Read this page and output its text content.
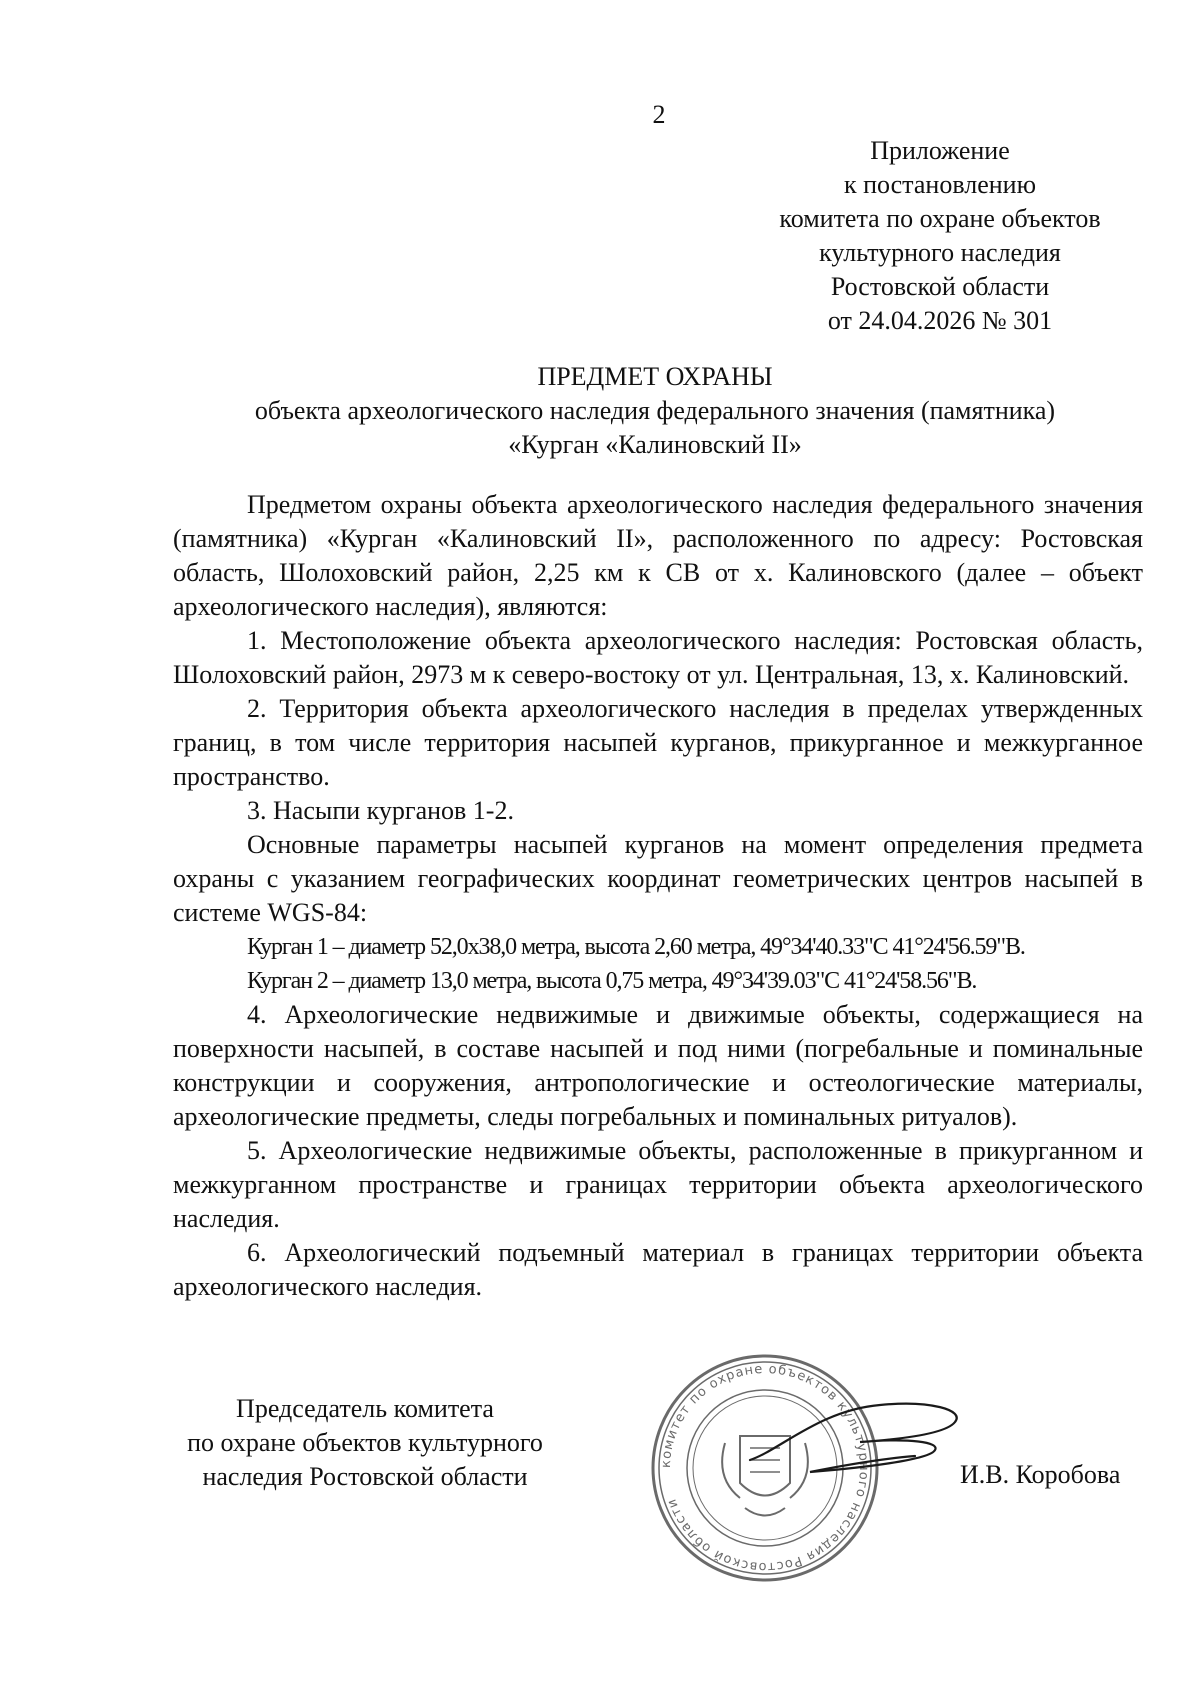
2
Приложение
к постановлению
комитета по охране объектов
культурного наследия
Ростовской области
от 24.04.2026 № 301
ПРЕДМЕТ ОХРАНЫ
объекта археологического наследия федерального значения (памятника)
«Курган «Калиновский II»

Предметом охраны объекта археологического наследия федерального значения (памятника) «Курган «Калиновский II», расположенного по адресу: Ростовская область, Шолоховский район, 2,25 км к СВ от х. Калиновского (далее – объект археологического наследия), являются:

1. Местоположение объекта археологического наследия: Ростовская область, Шолоховский район, 2973 м к северо-востоку от ул. Центральная, 13, х. Калиновский.

2. Территория объекта археологического наследия в пределах утвержденных границ, в том числе территория насыпей курганов, прикурганное и межкурганное пространство.

3. Насыпи курганов 1-2.

Основные параметры насыпей курганов на момент определения предмета охраны с указанием географических координат геометрических центров насыпей в системе WGS-84:

Курган 1 – диаметр 52,0x38,0 метра, высота 2,60 метра, 49°34'40.33"С 41°24'56.59"В.

Курган 2 – диаметр 13,0 метра, высота 0,75 метра, 49°34'39.03"С 41°24'58.56"В.

4. Археологические недвижимые и движимые объекты, содержащиеся на поверхности насыпей, в составе насыпей и под ними (погребальные и поминальные конструкции и сооружения, антропологические и остеологические материалы, археологические предметы, следы погребальных и поминальных ритуалов).

5. Археологические недвижимые объекты, расположенные в прикурганном и межкурганном пространстве и границах территории объекта археологического наследия.

6. Археологический подъемный материал в границах территории объекта археологического наследия.

Председатель комитета
по охране объектов культурного
наследия Ростовской области	комитет по охране объектов культурного наследия Ростовской области
И.В. Коробова
